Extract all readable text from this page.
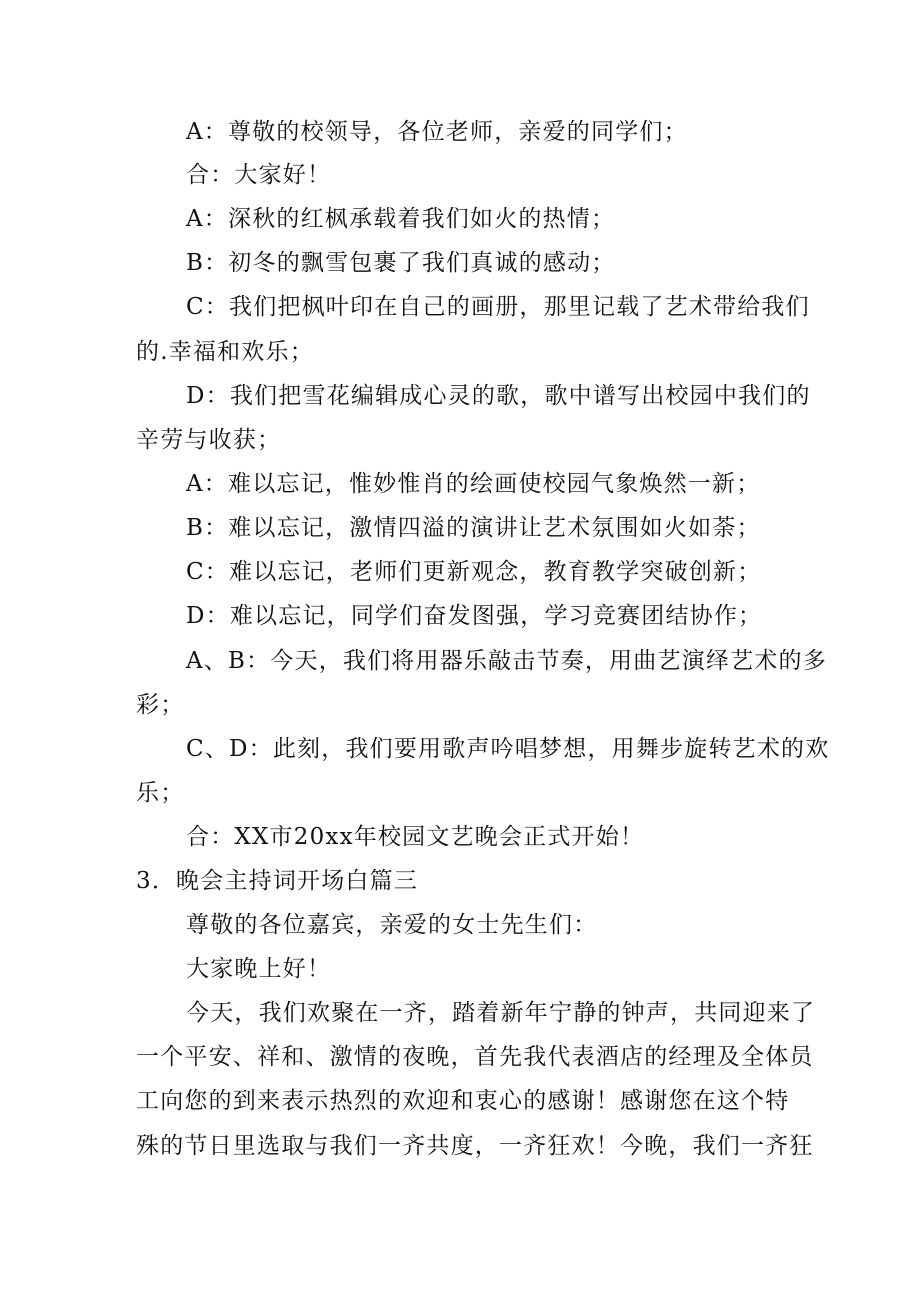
A：尊敬的校领导，各位老师，亲爱的同学们；
合：大家好！
A：深秋的红枫承载着我们如火的热情；
B：初冬的飘雪包裹了我们真诚的感动；
C：我们把枫叶印在自己的画册，那里记载了艺术带给我们
的.幸福和欢乐；
D：我们把雪花编辑成心灵的歌，歌中谱写出校园中我们的
辛劳与收获；
A：难以忘记，惟妙惟肖的绘画使校园气象焕然一新；
B：难以忘记，激情四溢的演讲让艺术氛围如火如荼；
C：难以忘记，老师们更新观念，教育教学突破创新；
D：难以忘记，同学们奋发图强，学习竞赛团结协作；
A、B：今天，我们将用器乐敲击节奏，用曲艺演绎艺术的多
彩；
C、D：此刻，我们要用歌声吟唱梦想，用舞步旋转艺术的欢
乐；
合：XX市20xx年校园文艺晚会正式开始！
3．晚会主持词开场白篇三
尊敬的各位嘉宾，亲爱的女士先生们：
大家晚上好！
今天，我们欢聚在一齐，踏着新年宁静的钟声，共同迎来了
一个平安、祥和、激情的夜晚，首先我代表酒店的经理及全体员
工向您的到来表示热烈的欢迎和衷心的感谢！感谢您在这个特
殊的节日里选取与我们一齐共度，一齐狂欢！今晚，我们一齐狂
